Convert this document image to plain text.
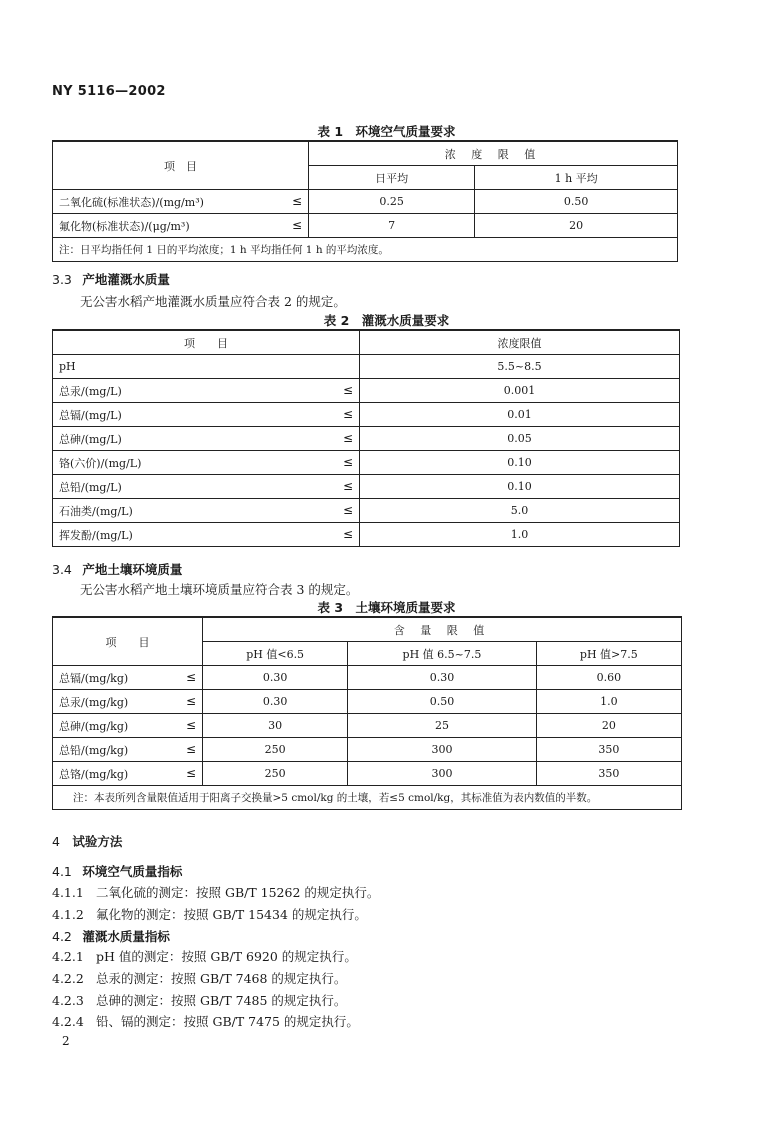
NY 5116—2002
表 1　环境空气质量要求
项　目	浓 度 限 值	
	日平均	1 h 平均
二氧化硫(标准状态)/(mg/m³) ≤	0.25	0.50
氟化物(标准状态)/(μg/m³) ≤	7	20
注：日平均指任何 1 日的平均浓度；1 h 平均指任何 1 h 的平均浓度。		
3.3 产地灌溉水质量
无公害水稻产地灌溉水质量应符合表 2 的规定。
表 2　灌溉水质量要求
项　　目	浓度限值
pH	5.5~8.5
总汞/(mg/L) ≤	0.001
总镉/(mg/L) ≤	0.01
总砷/(mg/L) ≤	0.05
铬(六价)/(mg/L) ≤	0.10
总铅/(mg/L) ≤	0.10
石油类/(mg/L) ≤	5.0
挥发酚/(mg/L) ≤	1.0
3.4 产地土壤环境质量
无公害水稻产地土壤环境质量应符合表 3 的规定。
表 3　土壤环境质量要求
项　　目	含 量 限 值		
	pH 值<6.5	pH 值 6.5~7.5	pH 值>7.5
总镉/(mg/kg) ≤	0.30	0.30	0.60
总汞/(mg/kg) ≤	0.30	0.50	1.0
总砷/(mg/kg) ≤	30	25	20
总铅/(mg/kg) ≤	250	300	350
总铬/(mg/kg) ≤	250	300	350
注：本表所列含量限值适用于阳离子交换量>5 cmol/kg 的土壤，若≤5 cmol/kg，其标准值为表内数值的半数。			
4 试验方法
4.1 环境空气质量指标
4.1.1 二氧化硫的测定：按照 GB/T 15262 的规定执行。
4.1.2 氟化物的测定：按照 GB/T 15434 的规定执行。
4.2 灌溉水质量指标
4.2.1 pH 值的测定：按照 GB/T 6920 的规定执行。
4.2.2 总汞的测定：按照 GB/T 7468 的规定执行。
4.2.3 总砷的测定：按照 GB/T 7485 的规定执行。
4.2.4 铅、镉的测定：按照 GB/T 7475 的规定执行。
2
